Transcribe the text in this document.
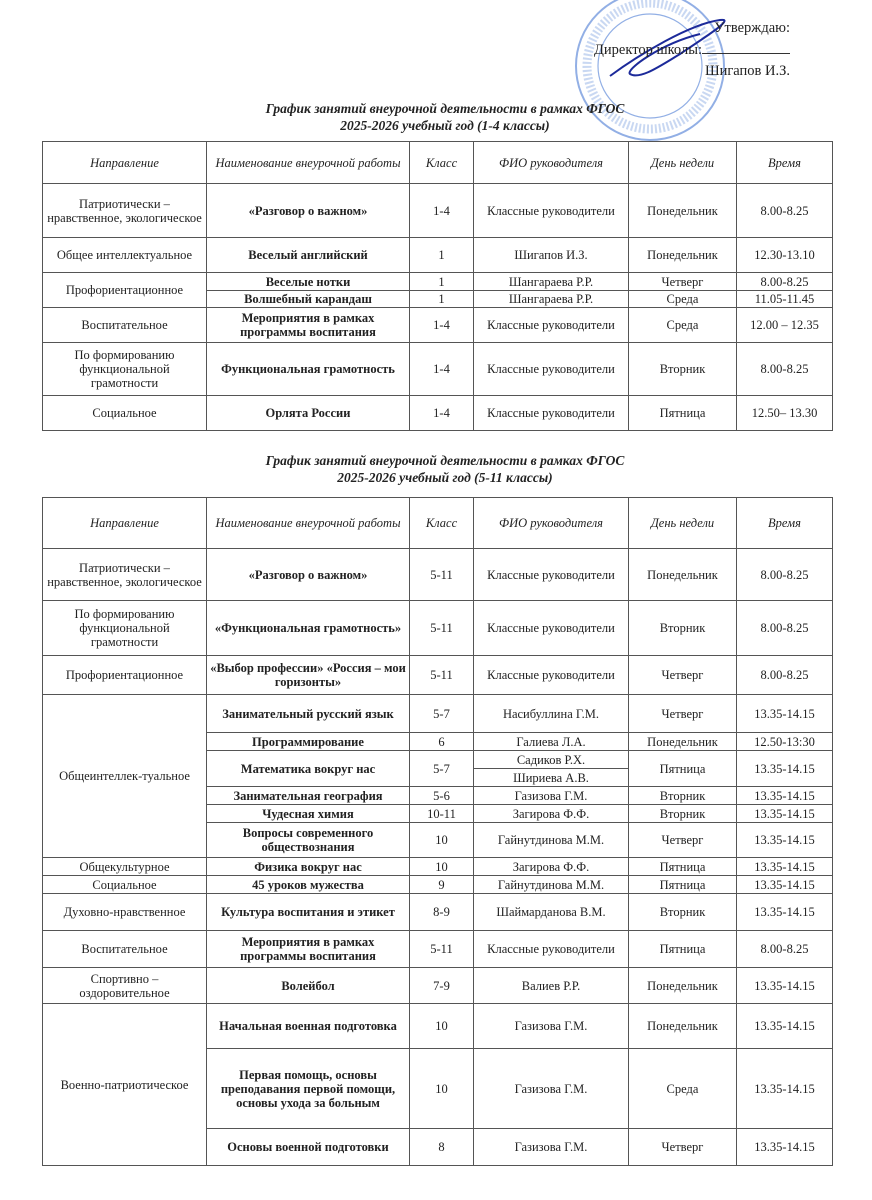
Утверждаю:
Директор школы:
Шигапов И.З.
График занятий внеурочной деятельности в рамках ФГОС
2025-2026 учебный год (1-4 классы)
Направление	Наименование внеурочной работы	Класс	ФИО руководителя	День недели	Время
Патриотически – нравственное, экологическое	«Разговор о важном»	1-4	Классные руководители	Понедельник	8.00-8.25
Общее интеллектуальное	Веселый английский	1	Шигапов И.З.	Понедельник	12.30-13.10
Профориентационное	Веселые нотки	1	Шангараева Р.Р.	Четверг	8.00-8.25
	Волшебный карандаш	1	Шангараева Р.Р.	Среда	11.05-11.45
Воспитательное	Мероприятия в рамках программы воспитания	1-4	Классные руководители	Среда	12.00 – 12.35
По формированию функциональной грамотности	Функциональная грамотность	1-4	Классные руководители	Вторник	8.00-8.25
Социальное	Орлята России	1-4	Классные руководители	Пятница	12.50– 13.30
График занятий внеурочной деятельности в рамках ФГОС
2025-2026 учебный год (5-11 классы)
Направление	Наименование внеурочной работы	Класс	ФИО руководителя	День недели	Время
Патриотически – нравственное, экологическое	«Разговор о важном»	5-11	Классные руководители	Понедельник	8.00-8.25
По формированию функциональной грамотности	«Функциональная грамотность»	5-11	Классные руководители	Вторник	8.00-8.25
Профориентационное	«Выбор профессии» «Россия – мои горизонты»	5-11	Классные руководители	Четверг	8.00-8.25
Общеинтеллек-туальное	Занимательный русский язык	5-7	Насибуллина Г.М.	Четверг	13.35-14.15
	Программирование	6	Галиева Л.А.	Понедельник	12.50-13:30
	Математика вокруг нас	5-7	Садиков Р.Х.	Пятница	13.35-14.15
			Шириева А.В.		
	Занимательная география	5-6	Газизова Г.М.	Вторник	13.35-14.15
	Чудесная химия	10-11	Загирова Ф.Ф.	Вторник	13.35-14.15
	Вопросы современного обществознания	10	Гайнутдинова М.М.	Четверг	13.35-14.15
Общекультурное	Физика вокруг нас	10	Загирова Ф.Ф.	Пятница	13.35-14.15
Социальное	45 уроков мужества	9	Гайнутдинова М.М.	Пятница	13.35-14.15
Духовно-нравственное	Культура воспитания и этикет	8-9	Шаймарданова В.М.	Вторник	13.35-14.15
Воспитательное	Мероприятия в рамках программы воспитания	5-11	Классные руководители	Пятница	8.00-8.25
Спортивно – оздоровительное	Волейбол	7-9	Валиев Р.Р.	Понедельник	13.35-14.15
Военно-патриотическое	Начальная военная подготовка	10	Газизова Г.М.	Понедельник	13.35-14.15
	Первая помощь, основы преподавания первой помощи, основы ухода за больным	10	Газизова Г.М.	Среда	13.35-14.15
	Основы военной подготовки	8	Газизова Г.М.	Четверг	13.35-14.15
